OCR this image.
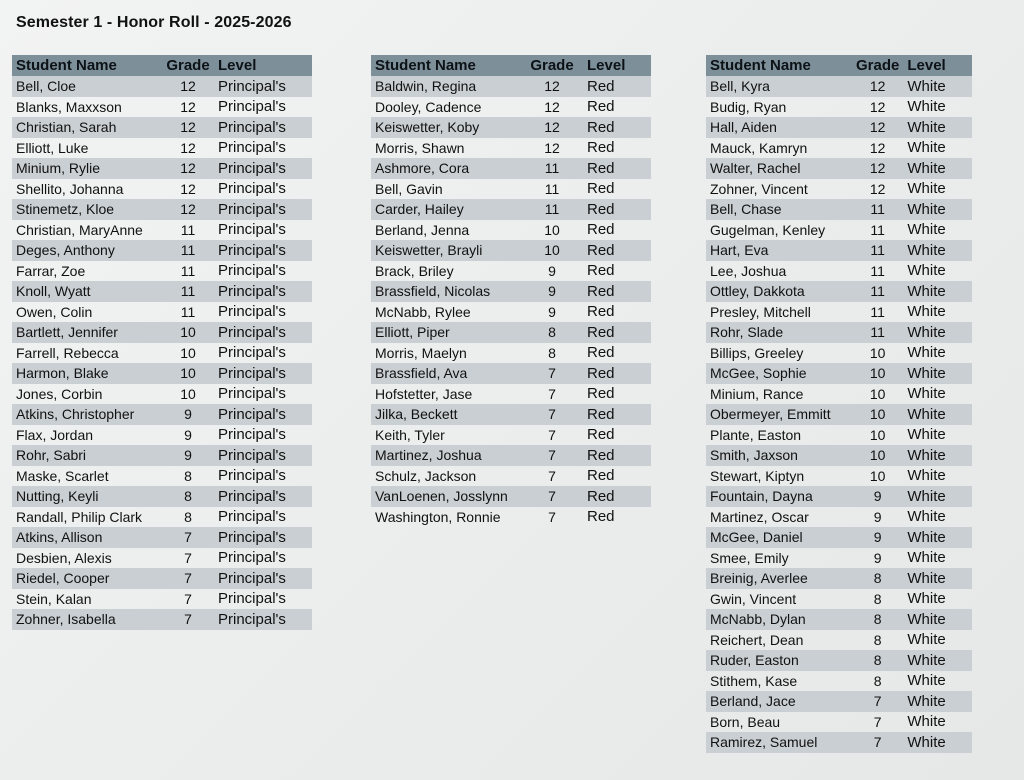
Semester 1 - Honor Roll - 2025-2026
Student Name	Grade	Level
Bell, Cloe	12	Principal's
Blanks, Maxxson	12	Principal's
Christian, Sarah	12	Principal's
Elliott, Luke	12	Principal's
Minium, Rylie	12	Principal's
Shellito, Johanna	12	Principal's
Stinemetz, Kloe	12	Principal's
Christian, MaryAnne	11	Principal's
Deges, Anthony	11	Principal's
Farrar, Zoe	11	Principal's
Knoll, Wyatt	11	Principal's
Owen, Colin	11	Principal's
Bartlett, Jennifer	10	Principal's
Farrell, Rebecca	10	Principal's
Harmon, Blake	10	Principal's
Jones, Corbin	10	Principal's
Atkins, Christopher	9	Principal's
Flax, Jordan	9	Principal's
Rohr, Sabri	9	Principal's
Maske, Scarlet	8	Principal's
Nutting, Keyli	8	Principal's
Randall, Philip Clark	8	Principal's
Atkins, Allison	7	Principal's
Desbien, Alexis	7	Principal's
Riedel, Cooper	7	Principal's
Stein, Kalan	7	Principal's
Zohner, Isabella	7	Principal's
Student Name	Grade	Level
Baldwin, Regina	12	Red
Dooley, Cadence	12	Red
Keiswetter, Koby	12	Red
Morris, Shawn	12	Red
Ashmore, Cora	11	Red
Bell, Gavin	11	Red
Carder, Hailey	11	Red
Berland, Jenna	10	Red
Keiswetter, Brayli	10	Red
Brack, Briley	9	Red
Brassfield, Nicolas	9	Red
McNabb, Rylee	9	Red
Elliott, Piper	8	Red
Morris, Maelyn	8	Red
Brassfield, Ava	7	Red
Hofstetter, Jase	7	Red
Jilka, Beckett	7	Red
Keith, Tyler	7	Red
Martinez, Joshua	7	Red
Schulz, Jackson	7	Red
VanLoenen, Josslynn	7	Red
Washington, Ronnie	7	Red
Student Name	Grade	Level
Bell, Kyra	12	White
Budig, Ryan	12	White
Hall, Aiden	12	White
Mauck, Kamryn	12	White
Walter, Rachel	12	White
Zohner, Vincent	12	White
Bell, Chase	11	White
Gugelman, Kenley	11	White
Hart, Eva	11	White
Lee, Joshua	11	White
Ottley, Dakkota	11	White
Presley, Mitchell	11	White
Rohr, Slade	11	White
Billips, Greeley	10	White
McGee, Sophie	10	White
Minium, Rance	10	White
Obermeyer, Emmitt	10	White
Plante, Easton	10	White
Smith, Jaxson	10	White
Stewart, Kiptyn	10	White
Fountain, Dayna	9	White
Martinez, Oscar	9	White
McGee, Daniel	9	White
Smee, Emily	9	White
Breinig, Averlee	8	White
Gwin, Vincent	8	White
McNabb, Dylan	8	White
Reichert, Dean	8	White
Ruder, Easton	8	White
Stithem, Kase	8	White
Berland, Jace	7	White
Born, Beau	7	White
Ramirez, Samuel	7	White
